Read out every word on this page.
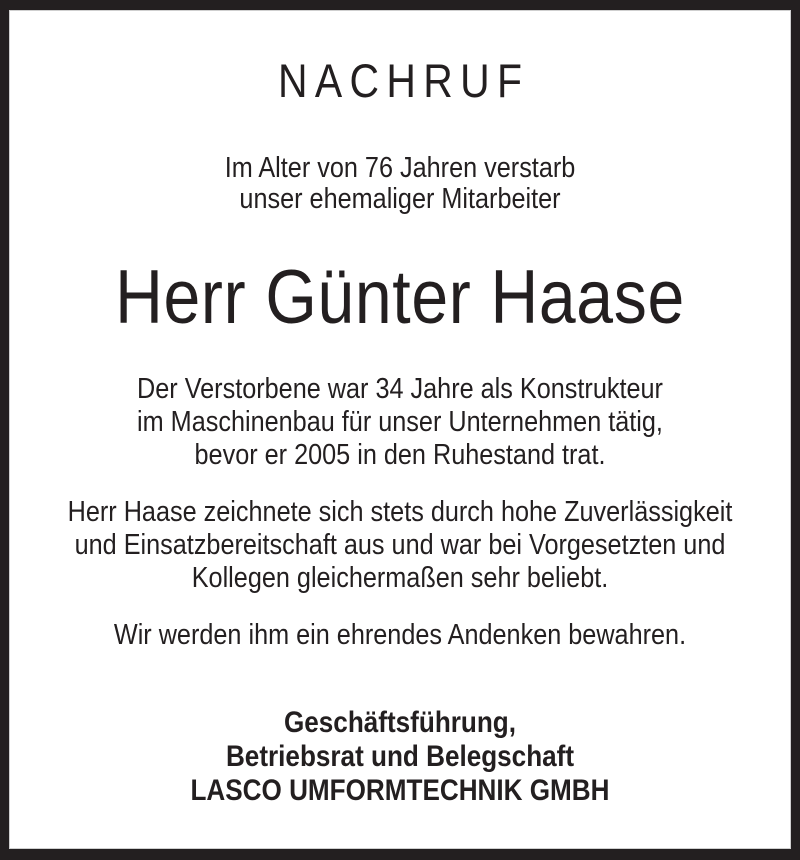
NACHRUF
Im Alter von 76 Jahren verstarb
unser ehemaliger Mitarbeiter
Herr Günter Haase
Der Verstorbene war 34 Jahre als Konstrukteur
im Maschinenbau für unser Unternehmen tätig,
bevor er 2005 in den Ruhestand trat.
Herr Haase zeichnete sich stets durch hohe Zuverlässigkeit
und Einsatzbereitschaft aus und war bei Vorgesetzten und
Kollegen gleichermaßen sehr beliebt.
Wir werden ihm ein ehrendes Andenken bewahren.
Geschäftsführung,
Betriebsrat und Belegschaft
LASCO UMFORMTECHNIK GMBH
